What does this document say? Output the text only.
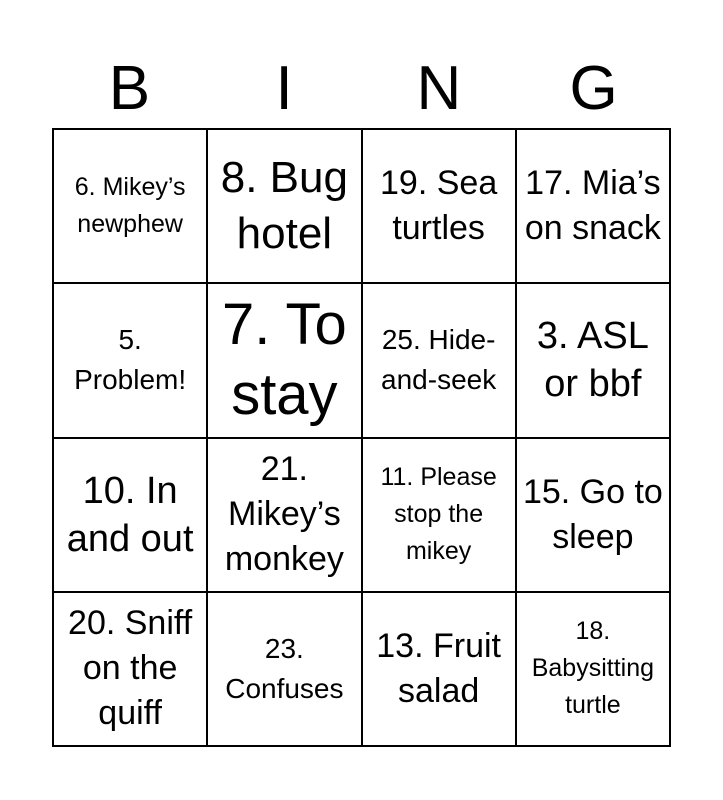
B	I	N	G
6. Mikey’s newphew
8. Bug hotel
19. Sea turtles
17. Mia’s on snack
5. Problem!
7. To stay
25. Hide-and-seek
3. ASL or bbf
10. In and out
21. Mikey’s monkey
11. Please stop the mikey
15. Go to sleep
20. Sniff on the quiff
23. Confuses
13. Fruit salad
18. Babysitting turtle
